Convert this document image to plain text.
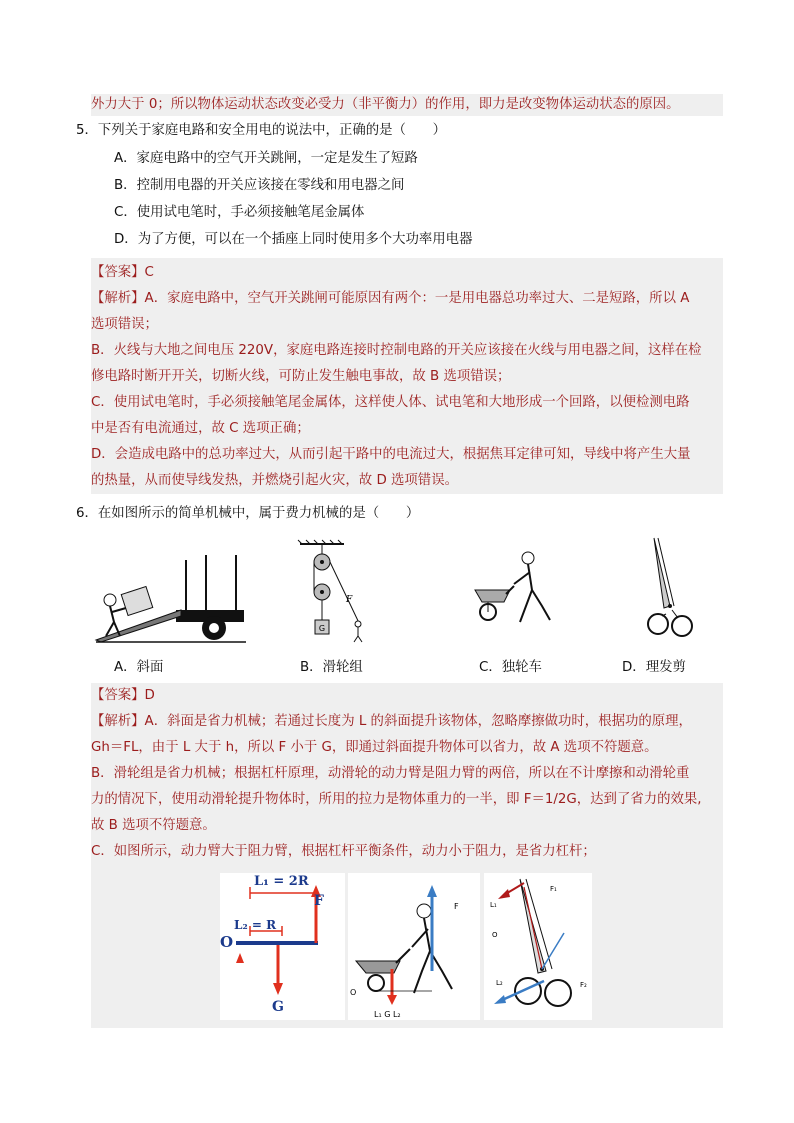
外力大于 0；所以物体运动状态改变必受力（非平衡力）的作用，即力是改变物体运动状态的原因。
5．下列关于家庭电路和安全用电的说法中，正确的是（　　）
A．家庭电路中的空气开关跳闸，一定是发生了短路
B．控制用电器的开关应该接在零线和用电器之间
C．使用试电笔时，手必须接触笔尾金属体
D．为了方便，可以在一个插座上同时使用多个大功率用电器
【答案】C
【解析】A．家庭电路中，空气开关跳闸可能原因有两个：一是用电器总功率过大、二是短路，所以 A
选项错误；
B．火线与大地之间电压 220V，家庭电路连接时控制电路的开关应该接在火线与用电器之间，这样在检
修电路时断开开关，切断火线，可防止发生触电事故，故 B 选项错误；
C．使用试电笔时，手必须接触笔尾金属体，这样使人体、试电笔和大地形成一个回路，以便检测电路
中是否有电流通过，故 C 选项正确；
D．会造成电路中的总功率过大，从而引起干路中的电流过大，根据焦耳定律可知，导线中将产生大量
的热量，从而使导线发热，并燃烧引起火灾，故 D 选项错误。
6．在如图所示的简单机械中，属于费力机械的是（　　）
A．斜面
G
F
B．滑轮组	C．独轮车	D．理发剪
【答案】D
【解析】A．斜面是省力机械；若通过长度为 L 的斜面提升该物体，忽略摩擦做功时，根据功的原理，
Gh＝FL，由于 L 大于 h，所以 F 小于 G，即通过斜面提升物体可以省力，故 A 选项不符题意。
B．滑轮组是省力机械；根据杠杆原理，动滑轮的动力臂是阻力臂的两倍，所以在不计摩擦和动滑轮重
力的情况下，使用动滑轮提升物体时，所用的拉力是物体重力的一半，即 F＝1/2G，达到了省力的效果,
故 B 选项不符题意。
C．如图所示，动力臂大于阻力臂，根据杠杆平衡条件，动力小于阻力，是省力杠杆；
L₁ = 2R
L₂ = R
O
F
G
F
O
L₁ G L₂
F₁
L₁
O
L₂	F₂
